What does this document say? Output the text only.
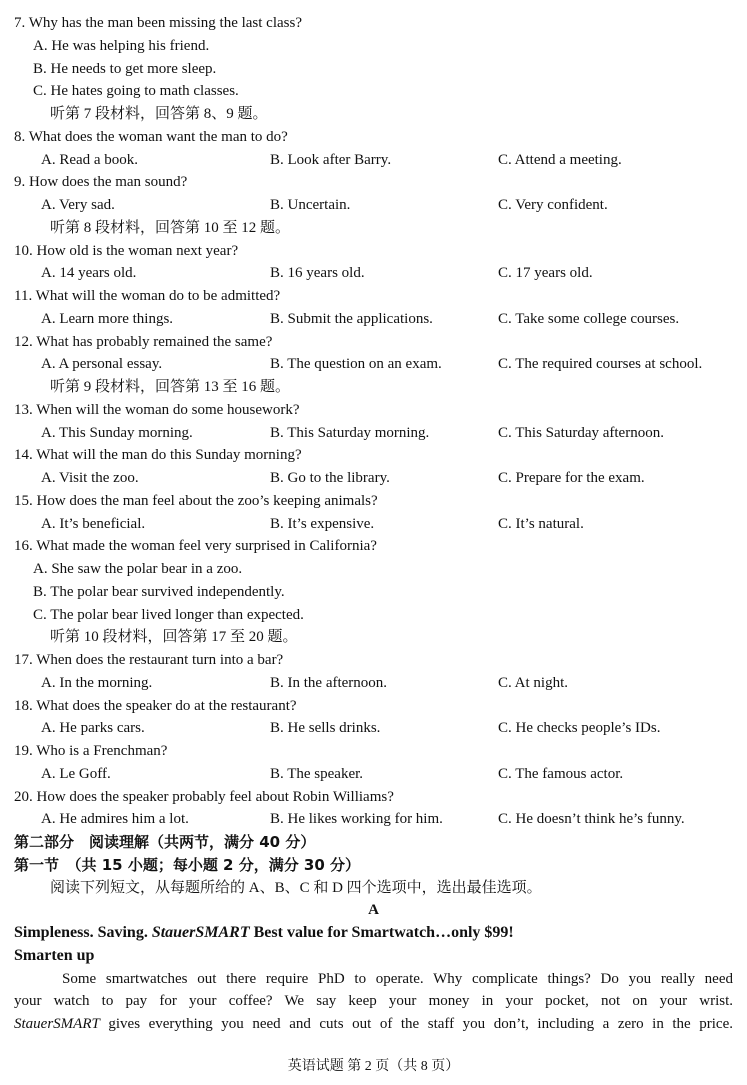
7. Why has the man been missing the last class?
A. He was helping his friend.
B. He needs to get more sleep.
C. He hates going to math classes.
听第 7 段材料，回答第 8、9 题。
8. What does the woman want the man to do?
A. Read a book.	B. Look after Barry.	C. Attend a meeting.
9. How does the man sound?
A. Very sad.	B. Uncertain.	C. Very confident.
听第 8 段材料，回答第 10 至 12 题。
10. How old is the woman next year?
A. 14 years old.	B. 16 years old.	C. 17 years old.
11. What will the woman do to be admitted?
A. Learn more things.	B. Submit the applications.	C. Take some college courses.
12. What has probably remained the same?
A. A personal essay.	B. The question on an exam.	C. The required courses at school.
听第 9 段材料，回答第 13 至 16 题。
13. When will the woman do some housework?
A. This Sunday morning.	B. This Saturday morning.	C. This Saturday afternoon.
14. What will the man do this Sunday morning?
A. Visit the zoo.	B. Go to the library.	C. Prepare for the exam.
15. How does the man feel about the zoo’s keeping animals?
A. It’s beneficial.	B. It’s expensive.	C. It’s natural.
16. What made the woman feel very surprised in California?
A. She saw the polar bear in a zoo.
B. The polar bear survived independently.
C. The polar bear lived longer than expected.
听第 10 段材料，回答第 17 至 20 题。
17. When does the restaurant turn into a bar?
A. In the morning.	B. In the afternoon.	C. At night.
18. What does the speaker do at the restaurant?
A. He parks cars.	B. He sells drinks.	C. He checks people’s IDs.
19. Who is a Frenchman?
A. Le Goff.	B. The speaker.	C. The famous actor.
20. How does the speaker probably feel about Robin Williams?
A. He admires him a lot.	B. He likes working for him.	C. He doesn’t think he’s funny.
第二部分　阅读理解（共两节，满分 40 分）
第一节　（共 15 小题；每小题 2 分，满分 30 分）
阅读下列短文，从每题所给的 A、B、C 和 D 四个选项中，选出最佳选项。
A
Simpleness. Saving. StauerSMART Best value for Smartwatch…only $99!
Smarten up
Some smartwatches out there require PhD to operate. Why complicate things? Do you really need
your watch to pay for your coffee? We say keep your money in your pocket, not on your wrist.
StauerSMART gives everything you need and cuts out of the staff you don’t, including a zero in the price.
英语试题 第 2 页（共 8 页）
